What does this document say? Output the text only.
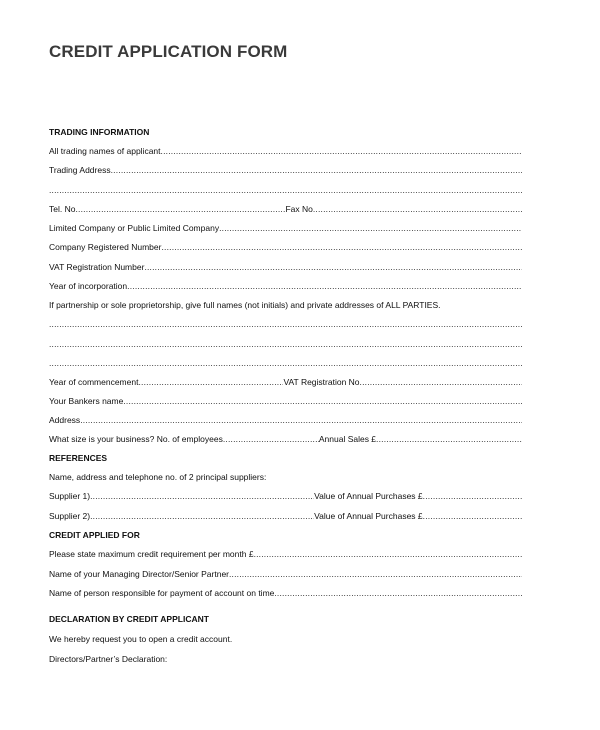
CREDIT APPLICATION FORM
TRADING INFORMATION
All trading names of applicant
.....
Trading Address
.....
.....
Tel. No .....	Fax No
.....
Limited Company or Public Limited Company
.....
Company Registered Number
.....
VAT Registration Number
.....
Year of incorporation
.....
If partnership or sole proprietorship, give full names (not initials) and private addresses of ALL PARTIES.
.....
.....
.....
Year of commencement .....	VAT Registration No
.....
Your Bankers name
.....
Address
.....
What size is your business? No. of employees .....	Annual Sales £
.....
REFERENCES
Name, address and telephone no. of 2 principal suppliers:
Supplier 1) .....	Value of Annual Purchases £
.....
Supplier 2) .....	Value of Annual Purchases £
.....
CREDIT APPLIED FOR
Please state maximum credit requirement per month £
.....
Name of your Managing Director/Senior Partner
.....
Name of person responsible for payment of account on time
.....
DECLARATION BY CREDIT APPLICANT
We hereby request you to open a credit account.
Directors/Partner’s Declaration:
